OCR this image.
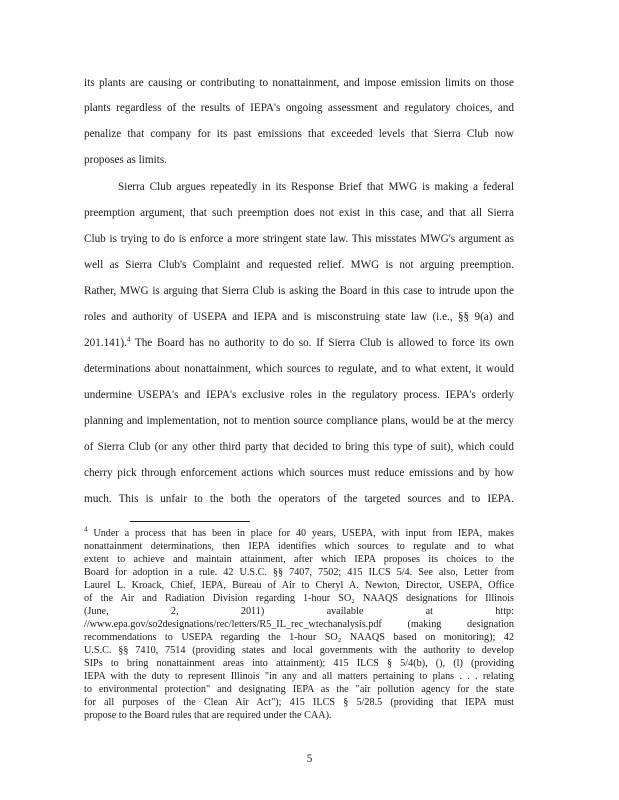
its plants are causing or contributing to nonattainment, and impose emission limits on those
plants regardless of the results of IEPA's ongoing assessment and regulatory choices, and
penalize that company for its past emissions that exceeded levels that Sierra Club now
proposes as limits.
Sierra Club argues repeatedly in its Response Brief that MWG is making a federal
preemption argument, that such preemption does not exist in this case, and that all Sierra
Club is trying to do is enforce a more stringent state law. This misstates MWG's argument as
well as Sierra Club's Complaint and requested relief. MWG is not arguing preemption.
Rather, MWG is arguing that Sierra Club is asking the Board in this case to intrude upon the
roles and authority of USEPA and IEPA and is misconstruing state law (i.e., §§ 9(a) and
201.141).$^4$ The Board has no authority to do so. If Sierra Club is allowed to force its own
determinations about nonattainment, which sources to regulate, and to what extent, it would
undermine USEPA's and IEPA's exclusive roles in the regulatory process. IEPA's orderly
planning and implementation, not to mention source compliance plans, would be at the mercy
of Sierra Club (or any other third party that decided to bring this type of suit), which could
cherry pick through enforcement actions which sources must reduce emissions and by how
much. This is unfair to the both the operators of the targeted sources and to IEPA.
$^4$ Under a process that has been in place for 40 years, USEPA, with input from IEPA, makes
nonattainment determinations, then IEPA identifies which sources to regulate and to what
extent to achieve and maintain attainment, after which IEPA proposes its choices to the
Board for adoption in a rule. 42 U.S.C. §§ 7407, 7502; 415 ILCS 5/4. See also, Letter from
Laurel L. Kroack, Chief, IEPA, Bureau of Air to Cheryl A. Newton, Director, USEPA, Office
of the Air and Radiation Division regarding 1-hour SO₂ NAAQS designations for Illinois
(June, 2, 2011) available at http:
//www.epa.gov/so2designations/rec/letters/R5_IL_rec_wtechanalysis.pdf (making designation
recommendations to USEPA regarding the 1-hour SO₂ NAAQS based on monitoring); 42
U.S.C. §§ 7410, 7514 (providing states and local governments with the authority to develop
SIPs to bring nonattainment areas into attainment); 415 ILCS § 5/4(b), (), (l) (providing
IEPA with the duty to represent Illinois "in any and all matters pertaining to plans . . . relating
to environmental protection" and designating IEPA as the "air pollution agency for the state
for all purposes of the Clean Air Act"); 415 ILCS § 5/28.5 (providing that IEPA must
propose to the Board rules that are required under the CAA).
5
